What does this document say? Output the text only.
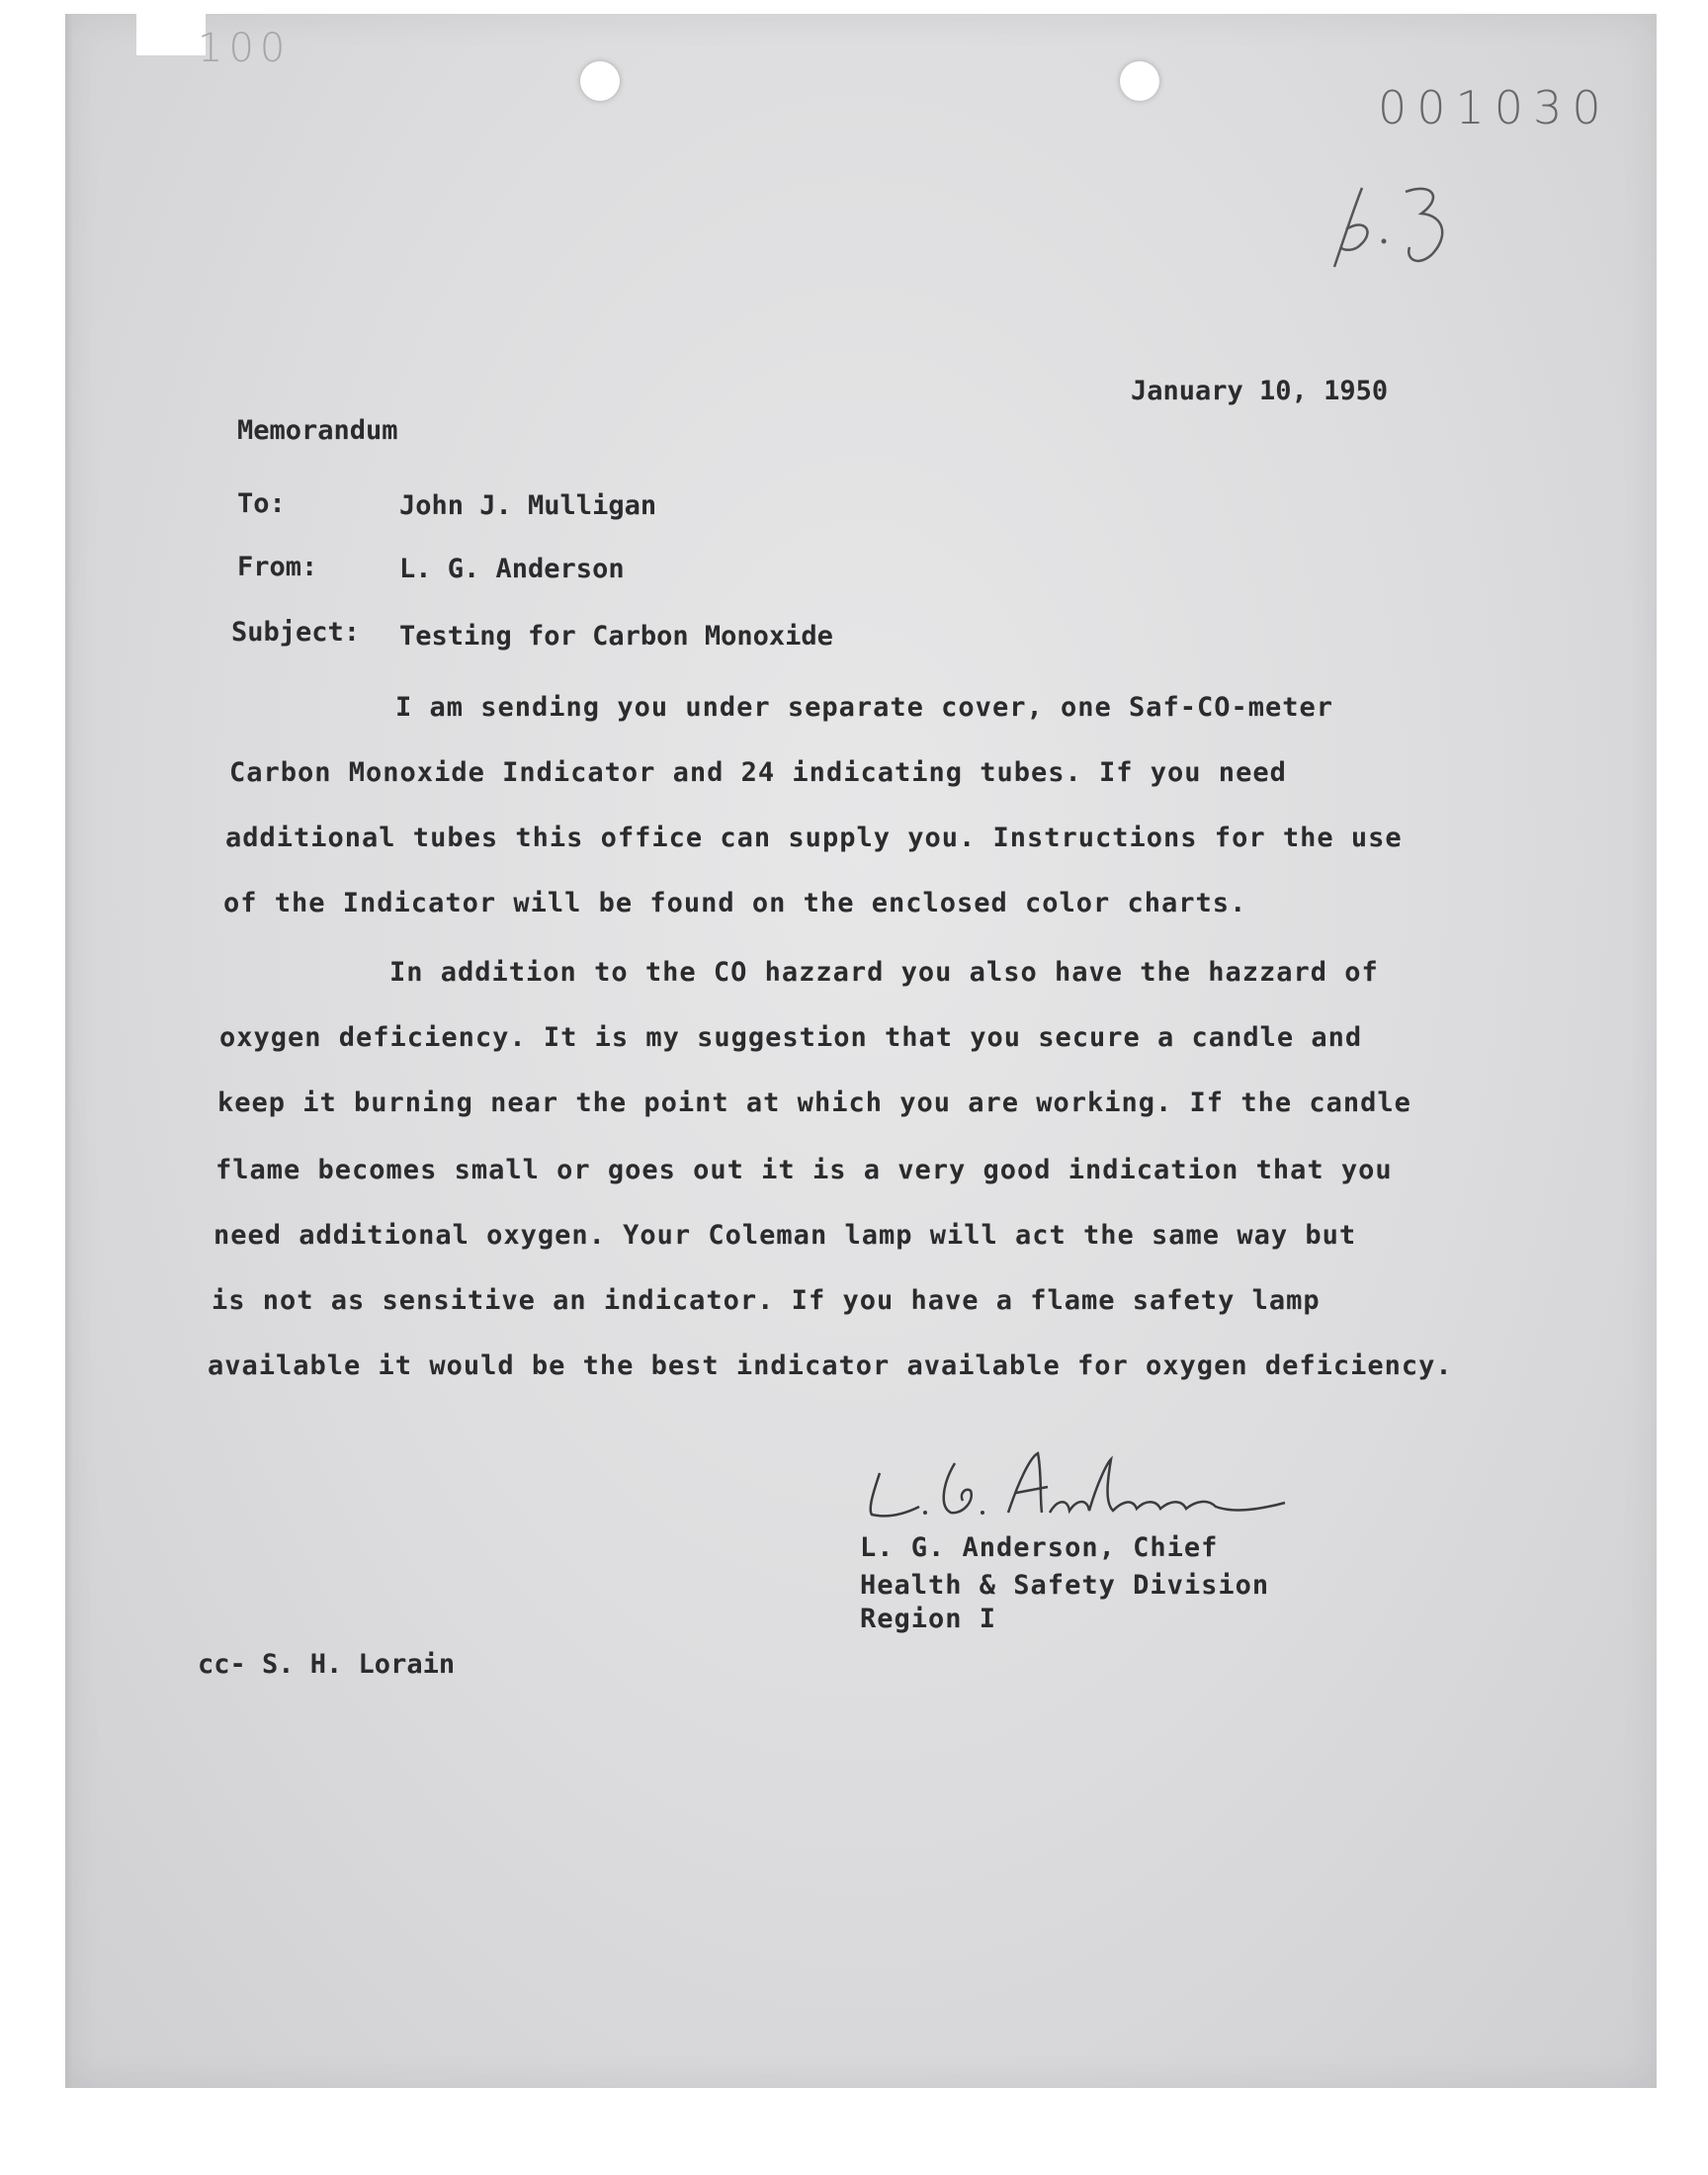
100
001030
January 10, 1950
Memorandum
To:	John J. Mulligan
From:	L. G. Anderson
Subject: Testing for Carbon Monoxide
I am sending you under separate cover, one Saf-CO-meter
Carbon Monoxide Indicator and 24 indicating tubes. If you need
additional tubes this office can supply you. Instructions for the use
of the Indicator will be found on the enclosed color charts.
In addition to the CO hazzard you also have the hazzard of
oxygen deficiency. It is my suggestion that you secure a candle and
keep it burning near the point at which you are working. If the candle
flame becomes small or goes out it is a very good indication that you
need additional oxygen. Your Coleman lamp will act the same way but
is not as sensitive an indicator. If you have a flame safety lamp
available it would be the best indicator available for oxygen deficiency.
L. G. Anderson, Chief
Health & Safety Division
Region I
cc- S. H. Lorain
